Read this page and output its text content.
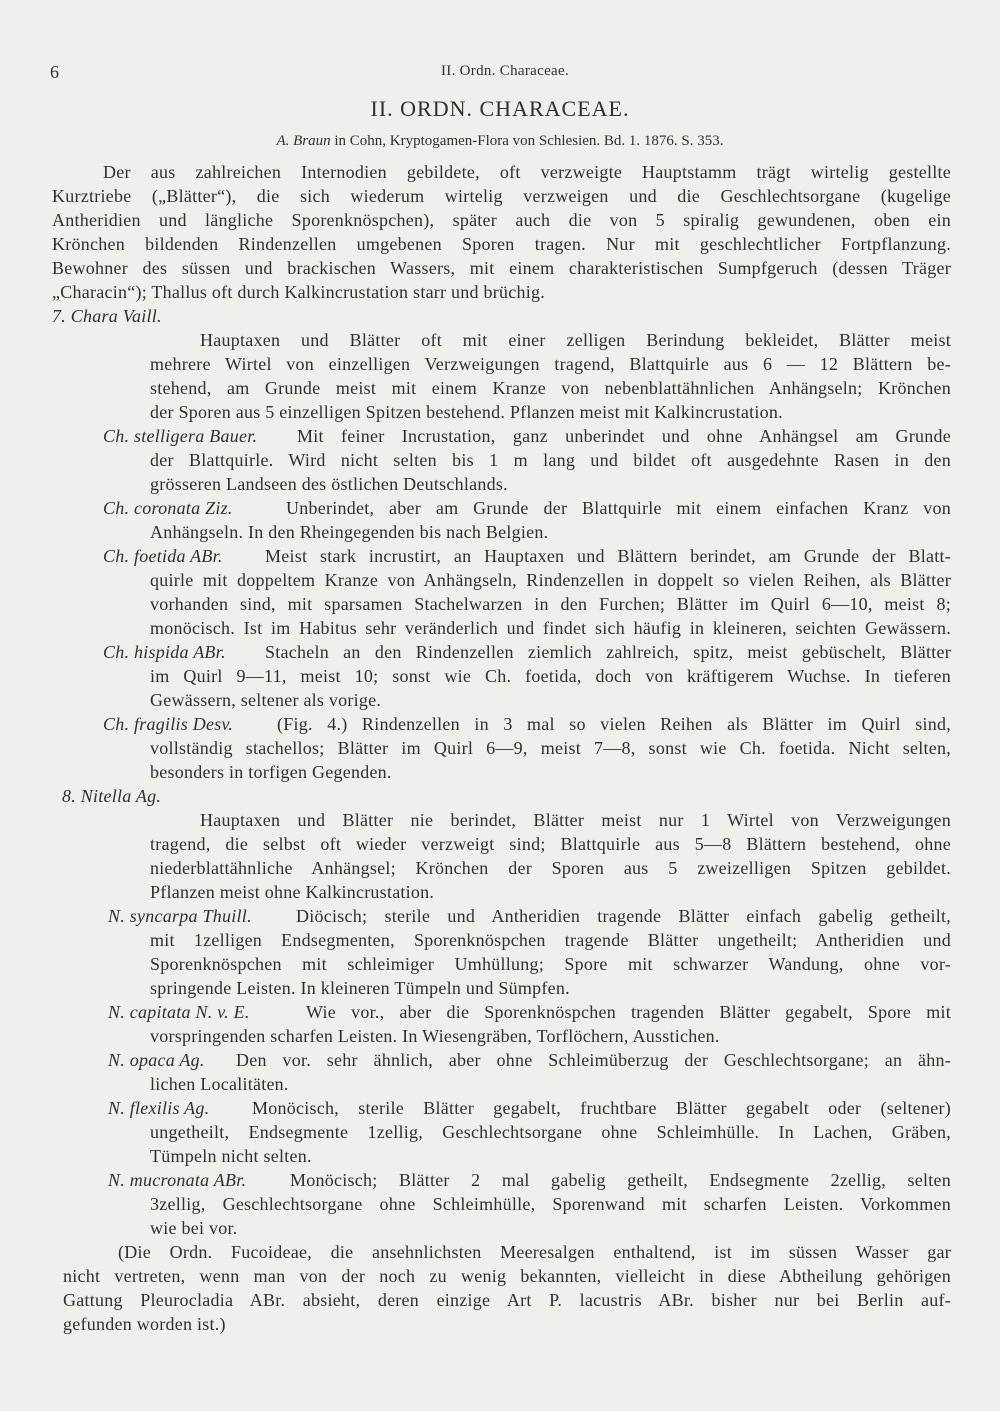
6	II. Ordn. Characeae.
II. ORDN. CHARACEAE.
A. Braun in Cohn, Kryptogamen-Flora von Schlesien. Bd. 1. 1876. S. 353.
Der aus zahlreichen Internodien gebildete, oft verzweigte Hauptstamm trägt wirtelig gestellte
Kurztriebe („Blätter“), die sich wiederum wirtelig verzweigen und die Geschlechtsorgane (kugelige
Antheridien und längliche Sporenknöspchen), später auch die von 5 spiralig gewundenen, oben ein
Krönchen bildenden Rindenzellen umgebenen Sporen tragen. Nur mit geschlechtlicher Fortpflanzung.
Bewohner des süssen und brackischen Wassers, mit einem charakteristischen Sumpfgeruch (dessen Träger
„Characin“); Thallus oft durch Kalkincrustation starr und brüchig.
7. Chara Vaill.
Hauptaxen und Blätter oft mit einer zelligen Berindung bekleidet, Blätter meist
mehrere Wirtel von einzelligen Verzweigungen tragend, Blattquirle aus 6 — 12 Blättern be-
stehend, am Grunde meist mit einem Kranze von nebenblattähnlichen Anhängseln; Krönchen
der Sporen aus 5 einzelligen Spitzen bestehend. Pflanzen meist mit Kalkincrustation.
Ch. stelligera Bauer. Mit feiner Incrustation, ganz unberindet und ohne Anhängsel am Grunde
der Blattquirle. Wird nicht selten bis 1 m lang und bildet oft ausgedehnte Rasen in den
grösseren Landseen des östlichen Deutschlands.
Ch. coronata Ziz.	Unberindet, aber am Grunde der Blattquirle mit einem einfachen Kranz von
Anhängseln. In den Rheingegenden bis nach Belgien.
Ch. foetida ABr. Meist stark incrustirt, an Hauptaxen und Blättern berindet, am Grunde der Blatt-
quirle mit doppeltem Kranze von Anhängseln, Rindenzellen in doppelt so vielen Reihen, als Blätter
vorhanden sind, mit sparsamen Stachelwarzen in den Furchen; Blätter im Quirl 6—10, meist 8;
monöcisch. Ist im Habitus sehr veränderlich und findet sich häufig in kleineren, seichten Gewässern.
Ch. hispida ABr. Stacheln an den Rindenzellen ziemlich zahlreich, spitz, meist gebüschelt, Blätter
im Quirl 9—11, meist 10; sonst wie Ch. foetida, doch von kräftigerem Wuchse. In tieferen
Gewässern, seltener als vorige.
Ch. fragilis Desv. (Fig. 4.) Rindenzellen in 3 mal so vielen Reihen als Blätter im Quirl sind,
vollständig stachellos; Blätter im Quirl 6—9, meist 7—8, sonst wie Ch. foetida. Nicht selten,
besonders in torfigen Gegenden.
8. Nitella Ag.
Hauptaxen und Blätter nie berindet, Blätter meist nur 1 Wirtel von Verzweigungen
tragend, die selbst oft wieder verzweigt sind; Blattquirle aus 5—8 Blättern bestehend, ohne
niederblattähnliche Anhängsel; Krönchen der Sporen aus 5 zweizelligen Spitzen gebildet.
Pflanzen meist ohne Kalkincrustation.
N. syncarpa Thuill. Diöcisch; sterile und Antheridien tragende Blätter einfach gabelig getheilt,
mit 1zelligen Endsegmenten, Sporenknöspchen tragende Blätter ungetheilt; Antheridien und
Sporenknöspchen mit schleimiger Umhüllung; Spore mit schwarzer Wandung, ohne vor-
springende Leisten. In kleineren Tümpeln und Sümpfen.
N. capitata N. v. E.	Wie vor., aber die Sporenknöspchen tragenden Blätter gegabelt, Spore mit
vorspringenden scharfen Leisten. In Wiesengräben, Torflöchern, Ausstichen.
N. opaca Ag. Den vor. sehr ähnlich, aber ohne Schleimüberzug der Geschlechtsorgane; an ähn-
lichen Localitäten.
N. flexilis Ag. Monöcisch, sterile Blätter gegabelt, fruchtbare Blätter gegabelt oder (seltener)
ungetheilt, Endsegmente 1zellig, Geschlechtsorgane ohne Schleimhülle. In Lachen, Gräben,
Tümpeln nicht selten.
N. mucronata ABr. Monöcisch; Blätter 2 mal gabelig getheilt, Endsegmente 2zellig, selten
3zellig, Geschlechtsorgane ohne Schleimhülle, Sporenwand mit scharfen Leisten. Vorkommen
wie bei vor.
(Die Ordn. Fucoideae, die ansehnlichsten Meeresalgen enthaltend, ist im süssen Wasser gar
nicht vertreten, wenn man von der noch zu wenig bekannten, vielleicht in diese Abtheilung gehörigen
Gattung Pleurocladia ABr. absieht, deren einzige Art P. lacustris ABr. bisher nur bei Berlin auf-
gefunden worden ist.)
